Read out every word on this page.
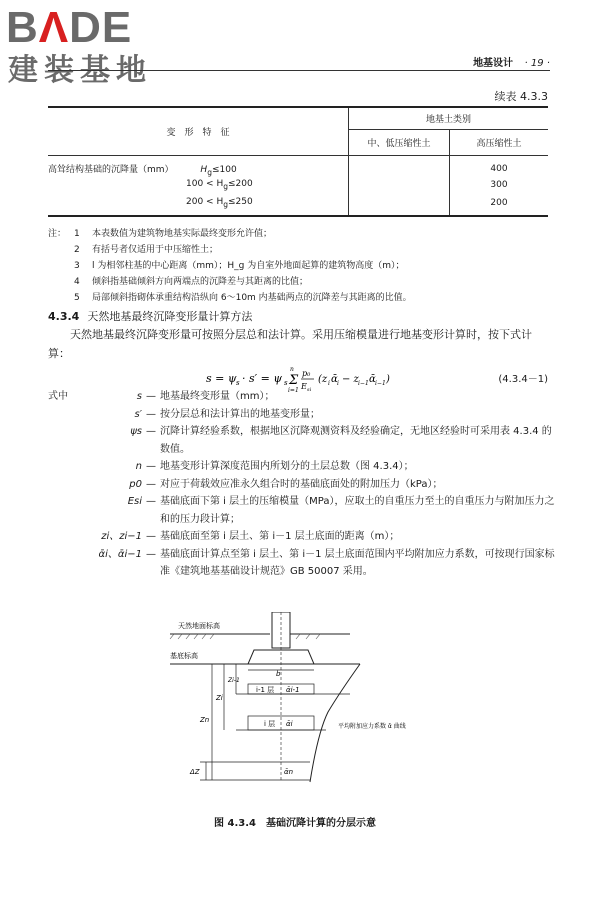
BΛDE
建装基地	地基设计 · 19 ·
续表 4.3.3
变　形　特　征	地基土类别	
	中、低压缩性土	高压缩性土
高耸结构基础的沉降量（mm） $H_g\le 100$		400
$100 < H_g\le 200$		300
$200 < H_g\le 250$		200
注： 1	本表数值为建筑物地基实际最终变形允许值；
2	有括号者仅适用于中压缩性土；
3	l 为相邻柱基的中心距离（mm）；H_g 为自室外地面起算的建筑物高度（m）；
4	倾斜指基础倾斜方向两端点的沉降差与其距离的比值；
5	局部倾斜指砌体承重结构沿纵向 6～10m 内基础两点的沉降差与其距离的比值。
4.3.4 天然地基最终沉降变形量计算方法
天然地基最终沉降变形量可按照分层总和法计算。采用压缩模量进行地基变形计算时，按下式计算：
s = ψ s · s′ = ψ s
n
Σ
i=1
p₀
E si
(z i ᾱ i − z i−1 ᾱ i−1 )	(4.3.4－1)
式中	s — 地基最终变形量（mm）；
s′ — 按分层总和法计算出的地基变形量；
ψs — 沉降计算经验系数，根据地区沉降观测资料及经验确定，无地区经验时可采用表 4.3.4 的数值。
n — 地基变形计算深度范围内所划分的土层总数（图 4.3.4）；
p0 — 对应于荷载效应准永久组合时的基础底面处的附加压力（kPa）；
Esi — 基础底面下第 i 层土的压缩模量（MPa），应取土的自重压力至土的自重压力与附加压力之和的压力段计算；
zi、zi−1 — 基础底面至第 i 层土、第 i－1 层土底面的距离（m）；
ᾱi、ᾱi−1 — 基础底面计算点至第 i 层土、第 i－1 层土底面范围内平均附加应力系数，可按现行国家标准《建筑地基基础设计规范》GB 50007 采用。
天然地面标高
基底标高
b
i-1 层 ᾱi-1
i 层 ᾱi
ᾱn
Zn
Zi
Zi-1
ΔZ
平均附加应力系数 ᾱ 曲线
图 4.3.4 基础沉降计算的分层示意
